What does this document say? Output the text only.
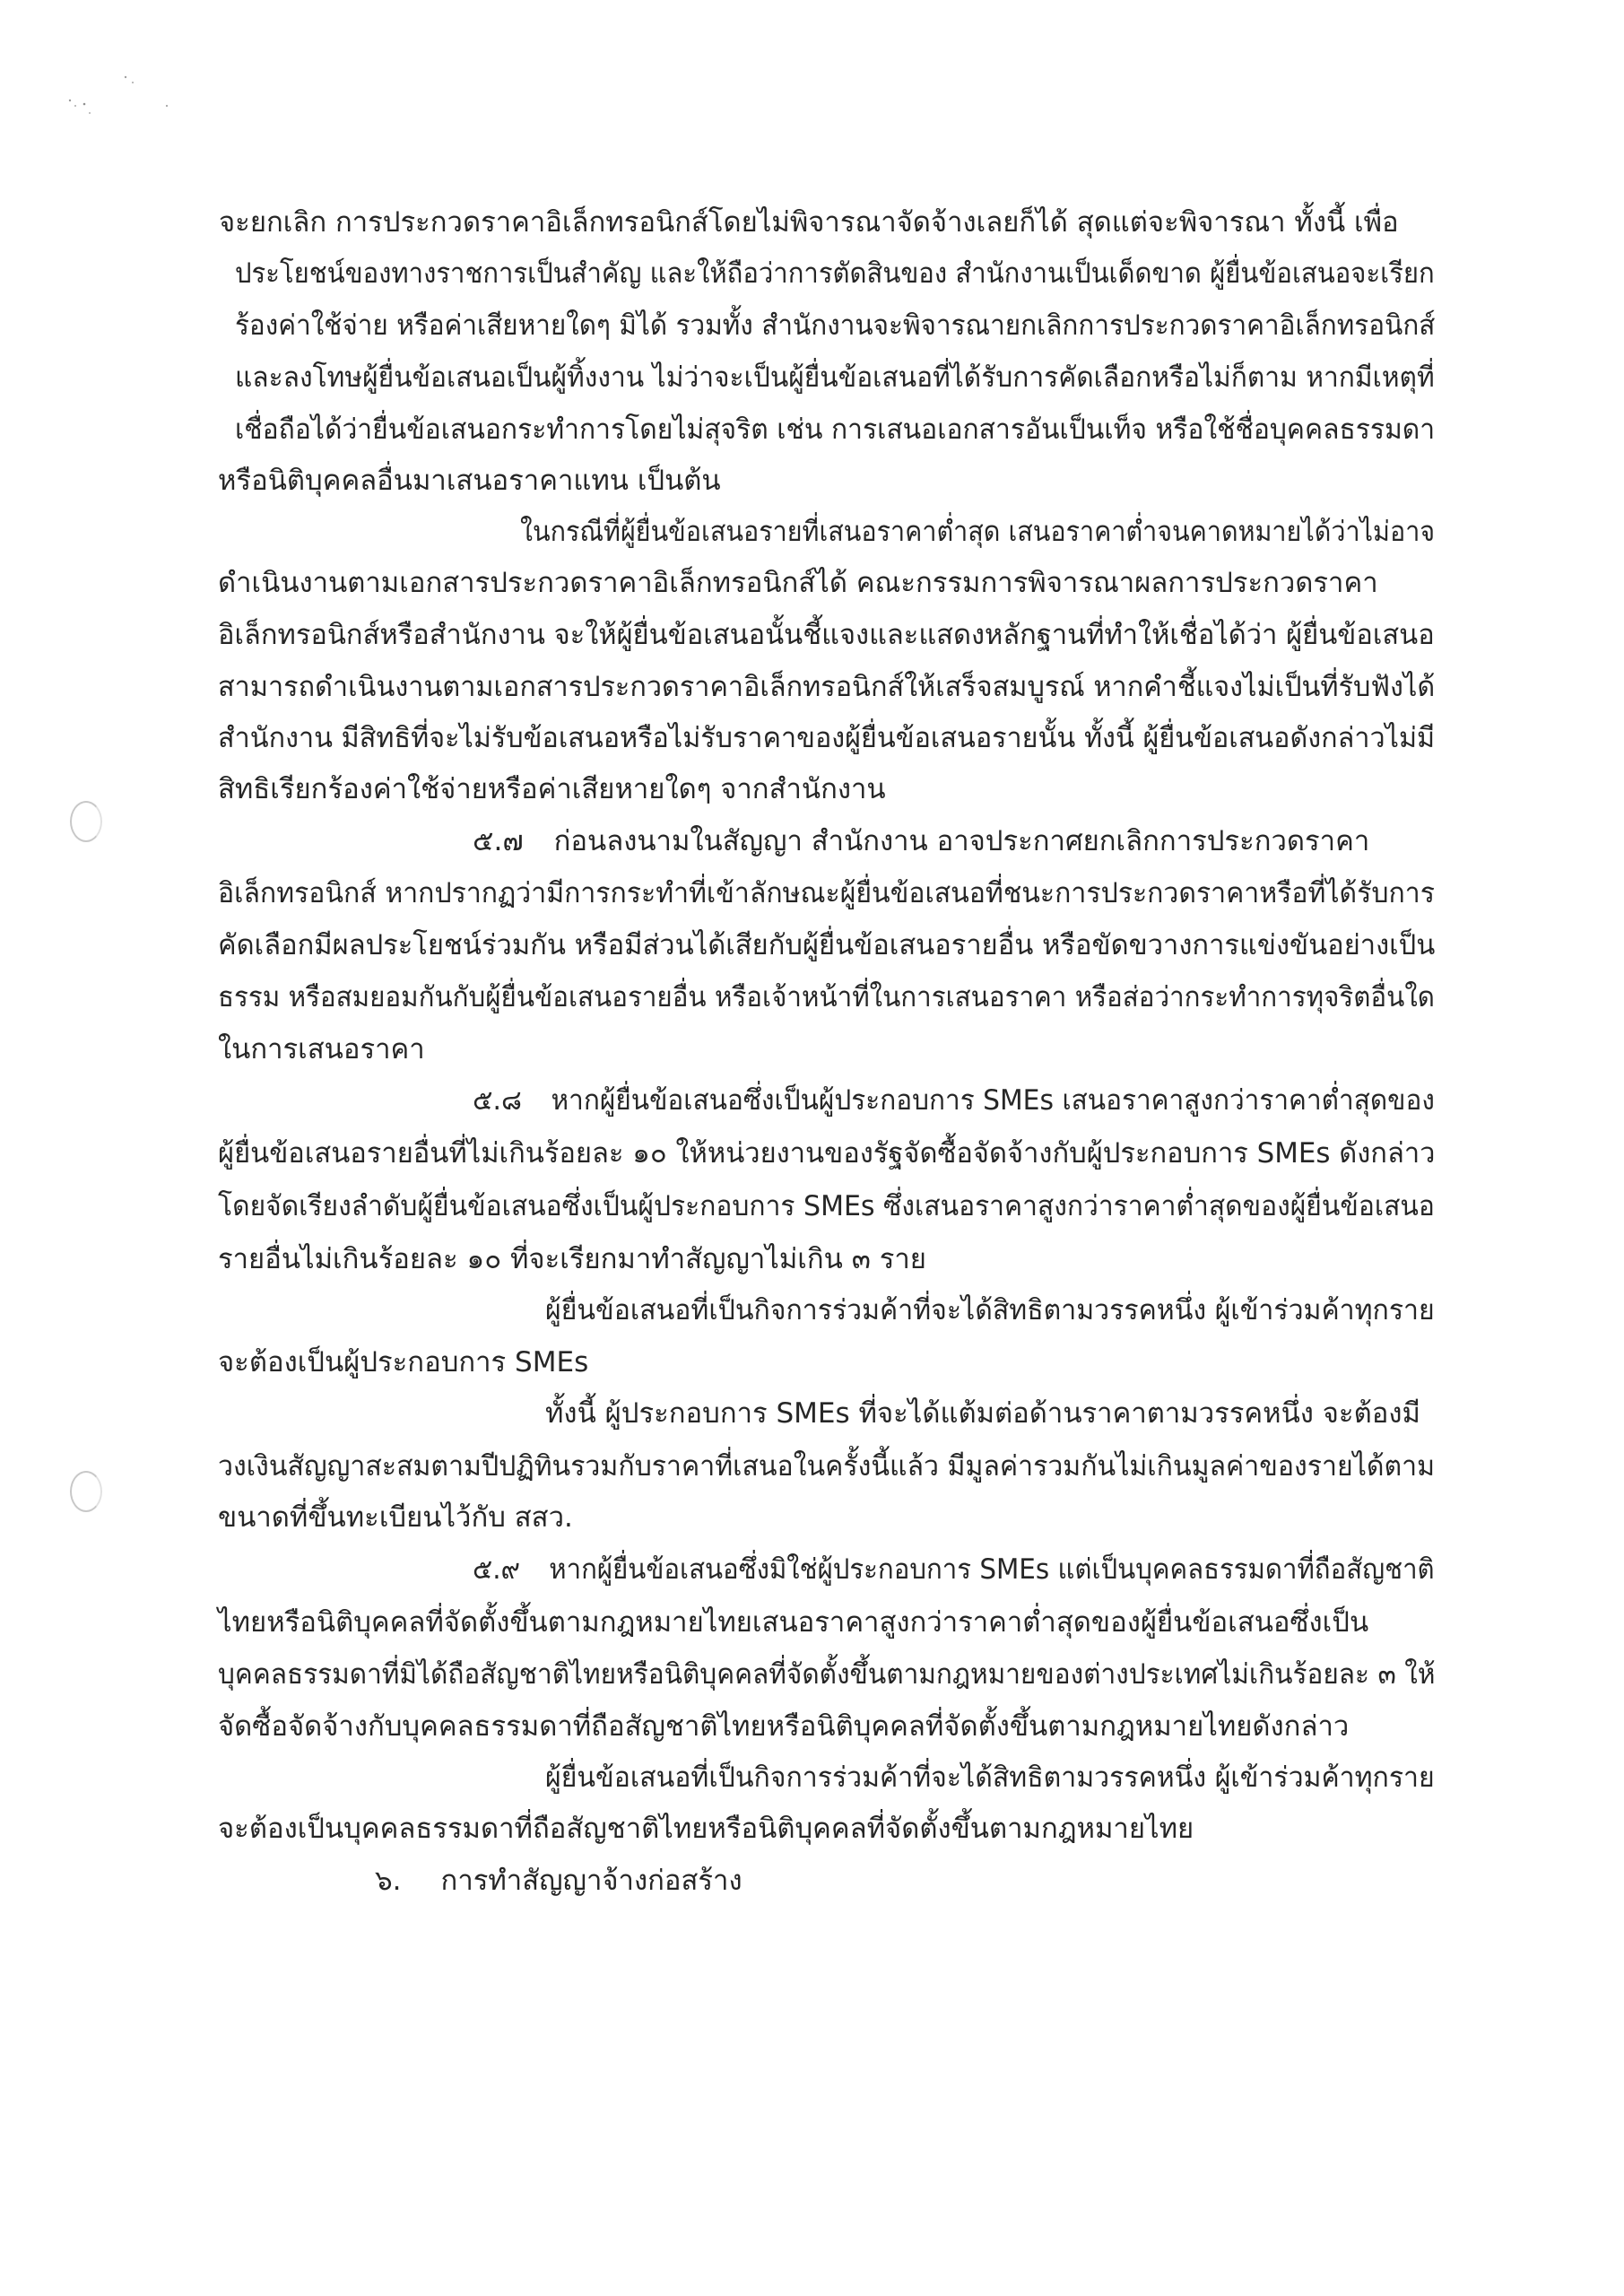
จะยกเลิก การประกวดราคาอิเล็กทรอนิกส์โดยไม่พิจารณาจัดจ้างเลยก็ได้ สุดแต่จะพิจารณา ทั้งนี้ เพื่อ
ประโยชน์ของทางราชการเป็นสำคัญ และให้ถือว่าการตัดสินของ สำนักงานเป็นเด็ดขาด ผู้ยื่นข้อเสนอจะเรียก
ร้องค่าใช้จ่าย หรือค่าเสียหายใดๆ มิได้ รวมทั้ง สำนักงานจะพิจารณายกเลิกการประกวดราคาอิเล็กทรอนิกส์
และลงโทษผู้ยื่นข้อเสนอเป็นผู้ทิ้งงาน ไม่ว่าจะเป็นผู้ยื่นข้อเสนอที่ได้รับการคัดเลือกหรือไม่ก็ตาม หากมีเหตุที่
เชื่อถือได้ว่ายื่นข้อเสนอกระทำการโดยไม่สุจริต เช่น การเสนอเอกสารอันเป็นเท็จ หรือใช้ชื่อบุคคลธรรมดา
หรือนิติบุคคลอื่นมาเสนอราคาแทน เป็นต้น
ในกรณีที่ผู้ยื่นข้อเสนอรายที่เสนอราคาต่ำสุด เสนอราคาต่ำจนคาดหมายได้ว่าไม่อาจ
ดำเนินงานตามเอกสารประกวดราคาอิเล็กทรอนิกส์ได้ คณะกรรมการพิจารณาผลการประกวดราคา
อิเล็กทรอนิกส์หรือสำนักงาน จะให้ผู้ยื่นข้อเสนอนั้นชี้แจงและแสดงหลักฐานที่ทำให้เชื่อได้ว่า ผู้ยื่นข้อเสนอ
สามารถดำเนินงานตามเอกสารประกวดราคาอิเล็กทรอนิกส์ให้เสร็จสมบูรณ์ หากคำชี้แจงไม่เป็นที่รับฟังได้
สำนักงาน มีสิทธิที่จะไม่รับข้อเสนอหรือไม่รับราคาของผู้ยื่นข้อเสนอรายนั้น ทั้งนี้ ผู้ยื่นข้อเสนอดังกล่าวไม่มี
สิทธิเรียกร้องค่าใช้จ่ายหรือค่าเสียหายใดๆ จากสำนักงาน
๕.๗ ก่อนลงนามในสัญญา สำนักงาน อาจประกาศยกเลิกการประกวดราคา
อิเล็กทรอนิกส์ หากปรากฏว่ามีการกระทำที่เข้าลักษณะผู้ยื่นข้อเสนอที่ชนะการประกวดราคาหรือที่ได้รับการ
คัดเลือกมีผลประโยชน์ร่วมกัน หรือมีส่วนได้เสียกับผู้ยื่นข้อเสนอรายอื่น หรือขัดขวางการแข่งขันอย่างเป็น
ธรรม หรือสมยอมกันกับผู้ยื่นข้อเสนอรายอื่น หรือเจ้าหน้าที่ในการเสนอราคา หรือส่อว่ากระทำการทุจริตอื่นใด
ในการเสนอราคา
๕.๘ หากผู้ยื่นข้อเสนอซึ่งเป็นผู้ประกอบการ SMEs เสนอราคาสูงกว่าราคาต่ำสุดของ
ผู้ยื่นข้อเสนอรายอื่นที่ไม่เกินร้อยละ ๑๐ ให้หน่วยงานของรัฐจัดซื้อจัดจ้างกับผู้ประกอบการ SMEs ดังกล่าว
โดยจัดเรียงลำดับผู้ยื่นข้อเสนอซึ่งเป็นผู้ประกอบการ SMEs ซึ่งเสนอราคาสูงกว่าราคาต่ำสุดของผู้ยื่นข้อเสนอ
รายอื่นไม่เกินร้อยละ ๑๐ ที่จะเรียกมาทำสัญญาไม่เกิน ๓ ราย
ผู้ยื่นข้อเสนอที่เป็นกิจการร่วมค้าที่จะได้สิทธิตามวรรคหนึ่ง ผู้เข้าร่วมค้าทุกราย
จะต้องเป็นผู้ประกอบการ SMEs
ทั้งนี้ ผู้ประกอบการ SMEs ที่จะได้แต้มต่อด้านราคาตามวรรคหนึ่ง จะต้องมี
วงเงินสัญญาสะสมตามปีปฏิทินรวมกับราคาที่เสนอในครั้งนี้แล้ว มีมูลค่ารวมกันไม่เกินมูลค่าของรายได้ตาม
ขนาดที่ขึ้นทะเบียนไว้กับ สสว.
๕.๙ หากผู้ยื่นข้อเสนอซึ่งมิใช่ผู้ประกอบการ SMEs แต่เป็นบุคคลธรรมดาที่ถือสัญชาติ
ไทยหรือนิติบุคคลที่จัดตั้งขึ้นตามกฎหมายไทยเสนอราคาสูงกว่าราคาต่ำสุดของผู้ยื่นข้อเสนอซึ่งเป็น
บุคคลธรรมดาที่มิได้ถือสัญชาติไทยหรือนิติบุคคลที่จัดตั้งขึ้นตามกฎหมายของต่างประเทศไม่เกินร้อยละ ๓ ให้
จัดซื้อจัดจ้างกับบุคคลธรรมดาที่ถือสัญชาติไทยหรือนิติบุคคลที่จัดตั้งขึ้นตามกฎหมายไทยดังกล่าว
ผู้ยื่นข้อเสนอที่เป็นกิจการร่วมค้าที่จะได้สิทธิตามวรรคหนึ่ง ผู้เข้าร่วมค้าทุกราย
จะต้องเป็นบุคคลธรรมดาที่ถือสัญชาติไทยหรือนิติบุคคลที่จัดตั้งขึ้นตามกฎหมายไทย
๖. การทำสัญญาจ้างก่อสร้าง
